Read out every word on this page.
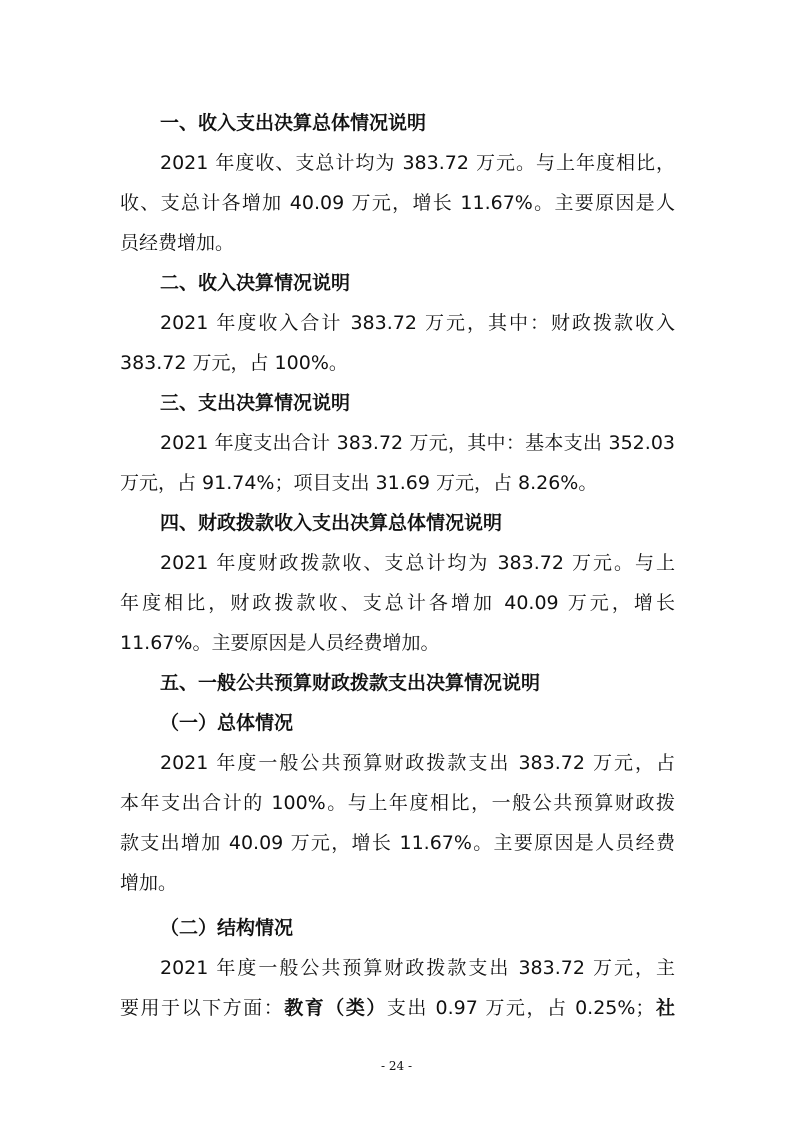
一、收入支出决算总体情况说明
2021 年度收、支总计均为 383.72 万元。与上年度相比，
收、支总计各增加 40.09 万元，增长 11.67%。主要原因是人
员经费增加。
二、收入决算情况说明
2021 年度收入合计 383.72 万元，其中：财政拨款收入
383.72 万元，占 100%。
三、支出决算情况说明
2021 年度支出合计 383.72 万元，其中：基本支出 352.03
万元，占 91.74%；项目支出 31.69 万元，占 8.26%。
四、财政拨款收入支出决算总体情况说明
2021 年度财政拨款收、支总计均为 383.72 万元。与上
年度相比，财政拨款收、支总计各增加 40.09 万元，增长
11.67%。主要原因是人员经费增加。
五、一般公共预算财政拨款支出决算情况说明
（一）总体情况
2021 年度一般公共预算财政拨款支出 383.72 万元，占
本年支出合计的 100%。与上年度相比，一般公共预算财政拨
款支出增加 40.09 万元，增长 11.67%。主要原因是人员经费
增加。
（二）结构情况
2021 年度一般公共预算财政拨款支出 383.72 万元，主
要用于以下方面：教育（类）支出 0.97 万元，占 0.25%；社
- 24 -
